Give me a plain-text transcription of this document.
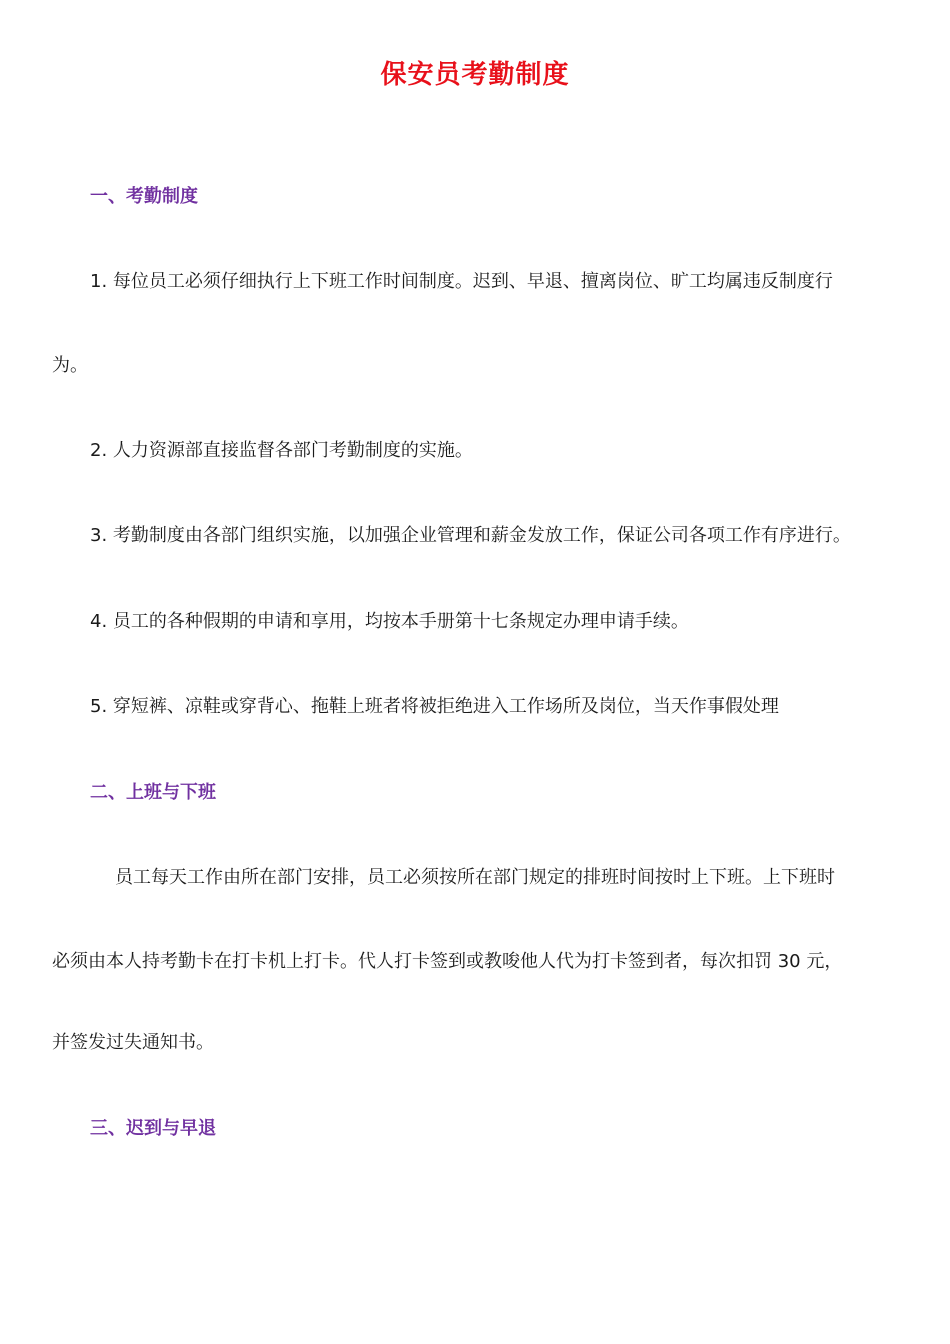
保安员考勤制度
一、考勤制度
1. 每位员工必须仔细执行上下班工作时间制度。迟到、早退、擅离岗位、旷工均属违反制度行
为。
2. 人力资源部直接监督各部门考勤制度的实施。
3. 考勤制度由各部门组织实施，以加强企业管理和薪金发放工作，保证公司各项工作有序进行。
4. 员工的各种假期的申请和享用，均按本手册第十七条规定办理申请手续。
5. 穿短裤、凉鞋或穿背心、拖鞋上班者将被拒绝进入工作场所及岗位，当天作事假处理
二、上班与下班
员工每天工作由所在部门安排，员工必须按所在部门规定的排班时间按时上下班。上下班时
必须由本人持考勤卡在打卡机上打卡。代人打卡签到或教唆他人代为打卡签到者，每次扣罚 30 元，
并签发过失通知书。
三、迟到与早退
